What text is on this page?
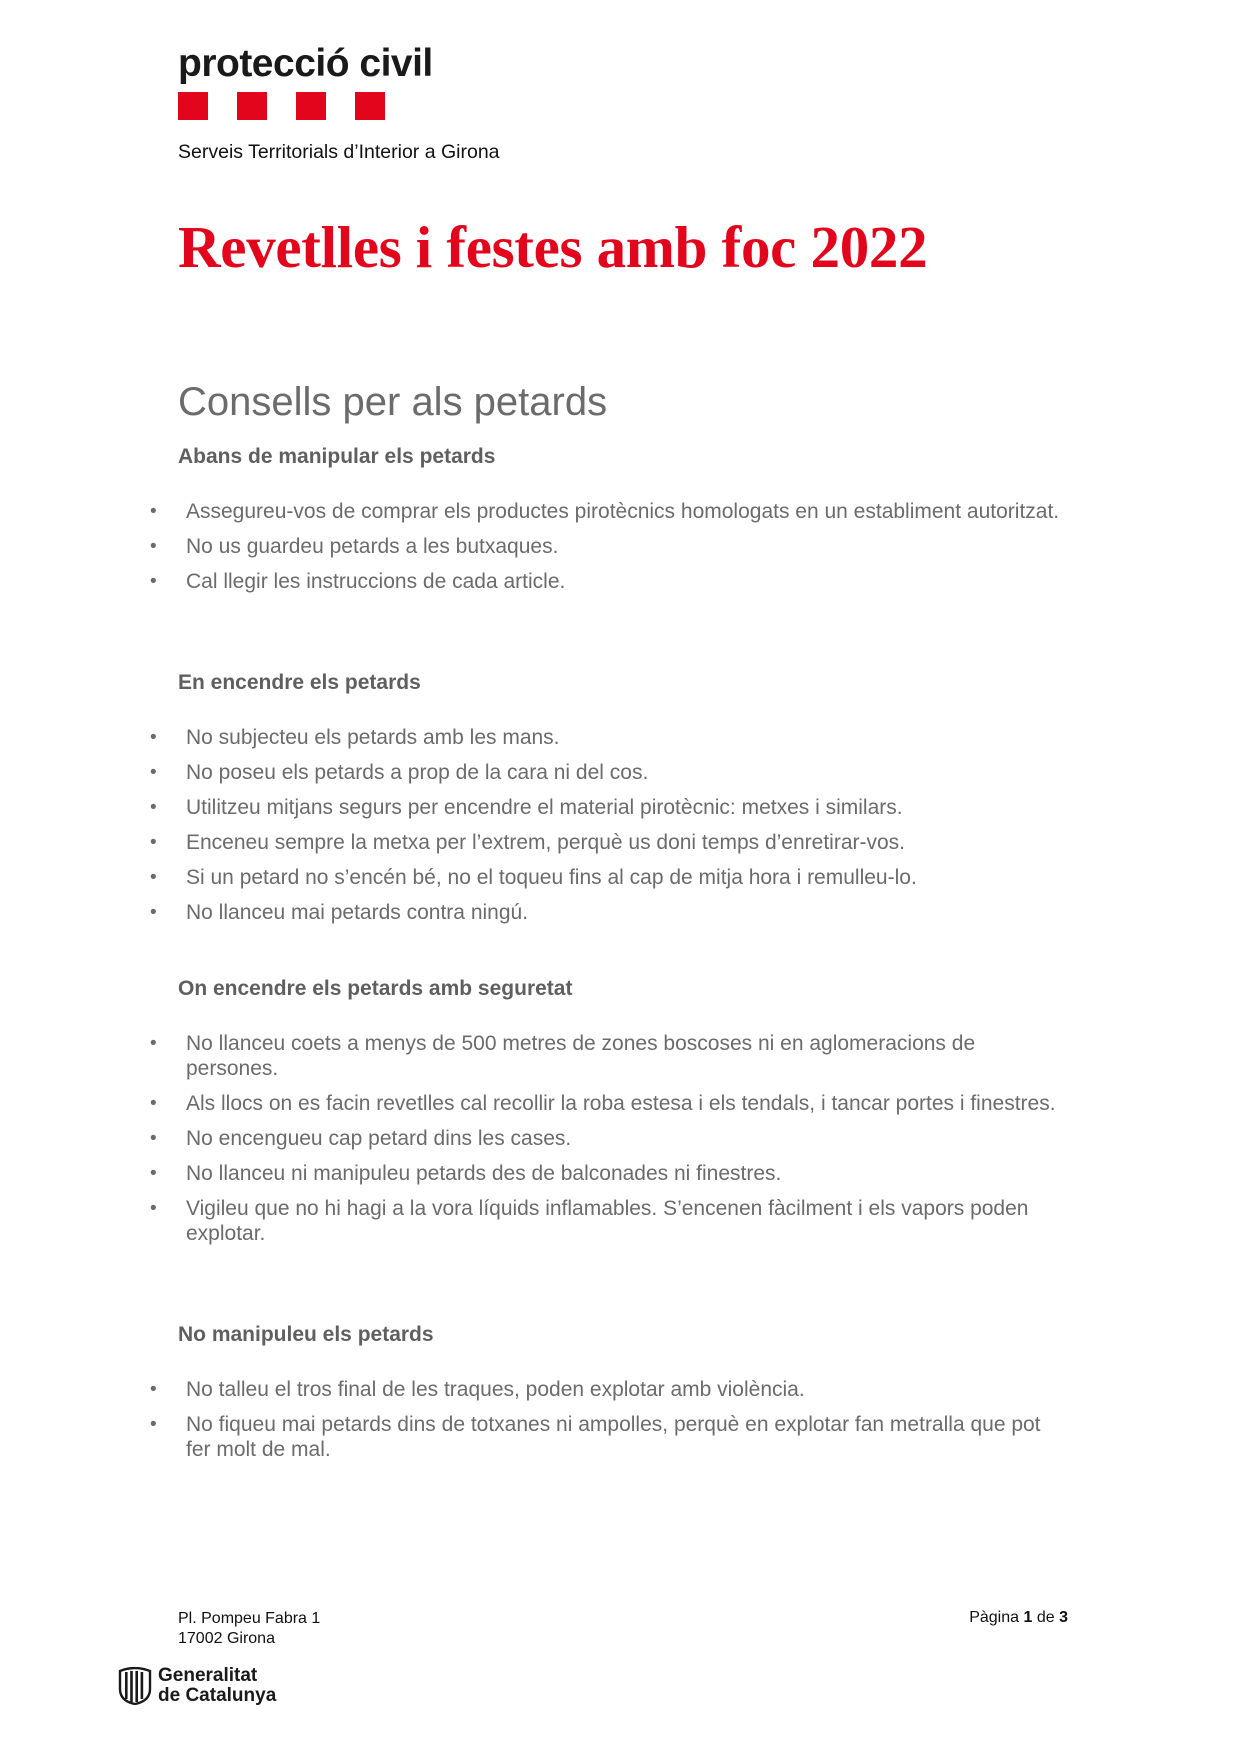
protecció civil
Serveis Territorials d’Interior a Girona
Revetlles i festes amb foc 2022
Consells per als petards
Abans de manipular els petards
• Assegureu-vos de comprar els productes pirotècnics homologats en un establiment autoritzat.
• No us guardeu petards a les butxaques.
• Cal llegir les instruccions de cada article.
En encendre els petards
• No subjecteu els petards amb les mans.
• No poseu els petards a prop de la cara ni del cos.
• Utilitzeu mitjans segurs per encendre el material pirotècnic: metxes i similars.
• Enceneu sempre la metxa per l’extrem, perquè us doni temps d’enretirar-vos.
• Si un petard no s’encén bé, no el toqueu fins al cap de mitja hora i remulleu-lo.
• No llanceu mai petards contra ningú.
On encendre els petards amb seguretat
• No llanceu coets a menys de 500 metres de zones boscoses ni en aglomeracions de persones.
• Als llocs on es facin revetlles cal recollir la roba estesa i els tendals, i tancar portes i finestres.
• No encengueu cap petard dins les cases.
• No llanceu ni manipuleu petards des de balconades ni finestres.
• Vigileu que no hi hagi a la vora líquids inflamables. S’encenen fàcilment i els vapors poden explotar.
No manipuleu els petards
• No talleu el tros final de les traques, poden explotar amb violència.
• No fiqueu mai petards dins de totxanes ni ampolles, perquè en explotar fan metralla que pot fer molt de mal.
Pl. Pompeu Fabra 1
17002 Girona
Pàgina 1 de 3
Generalitat
de Catalunya
